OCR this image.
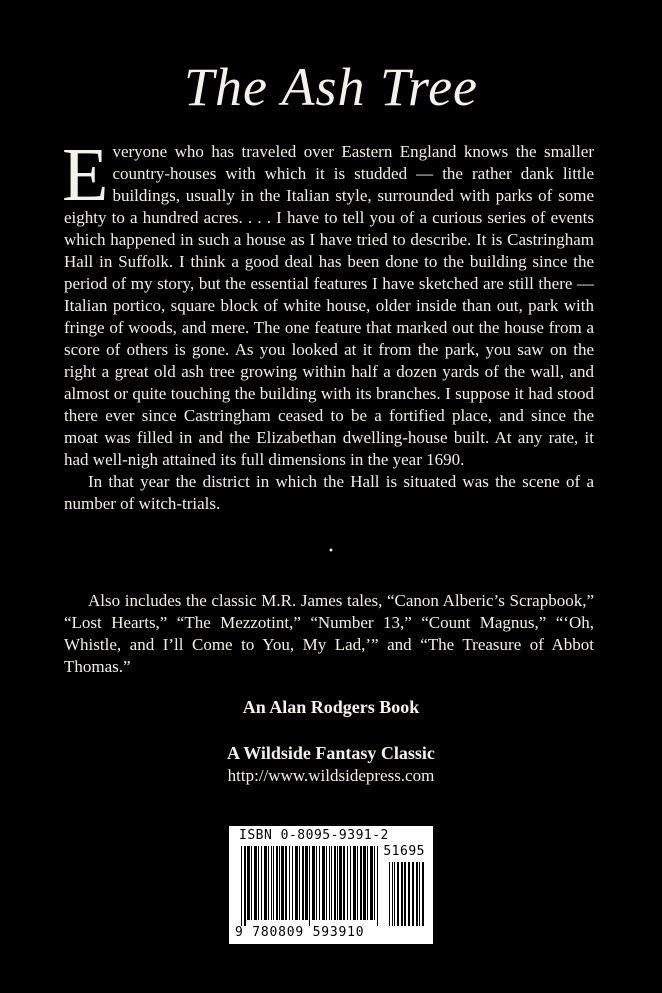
The Ash Tree

Everyone who has traveled over Eastern England knows the smaller country-houses with which it is studded — the rather dank little buildings, usually in the Italian style, surrounded with parks of some eighty to a hundred acres. . . . I have to tell you of a curious series of events which happened in such a house as I have tried to describe. It is Castringham Hall in Suffolk. I think a good deal has been done to the building since the period of my story, but the essential features I have sketched are still there — Italian portico, square block of white house, older inside than out, park with fringe of woods, and mere. The one feature that marked out the house from a score of others is gone. As you looked at it from the park, you saw on the right a great old ash tree growing within half a dozen yards of the wall, and almost or quite touching the building with its branches. I suppose it had stood there ever since Castringham ceased to be a fortified place, and since the moat was filled in and the Elizabethan dwelling-house built. At any rate, it had well-nigh attained its full dimensions in the year 1690.

In that year the district in which the Hall is situated was the scene of a number of witch-trials.

•

Also includes the classic M.R. James tales, “Canon Alberic’s Scrapbook,” “Lost Hearts,” “The Mezzotint,” “Number 13,” “Count Magnus,” “‘Oh, Whistle, and I’ll Come to You, My Lad,’” and “The Treasure of Abbot Thomas.”

An Alan Rodgers Book
A Wildside Fantasy Classic
http://www.wildsidepress.com
ISBN 0-8095-9391-2
51695
9 780809 593910
